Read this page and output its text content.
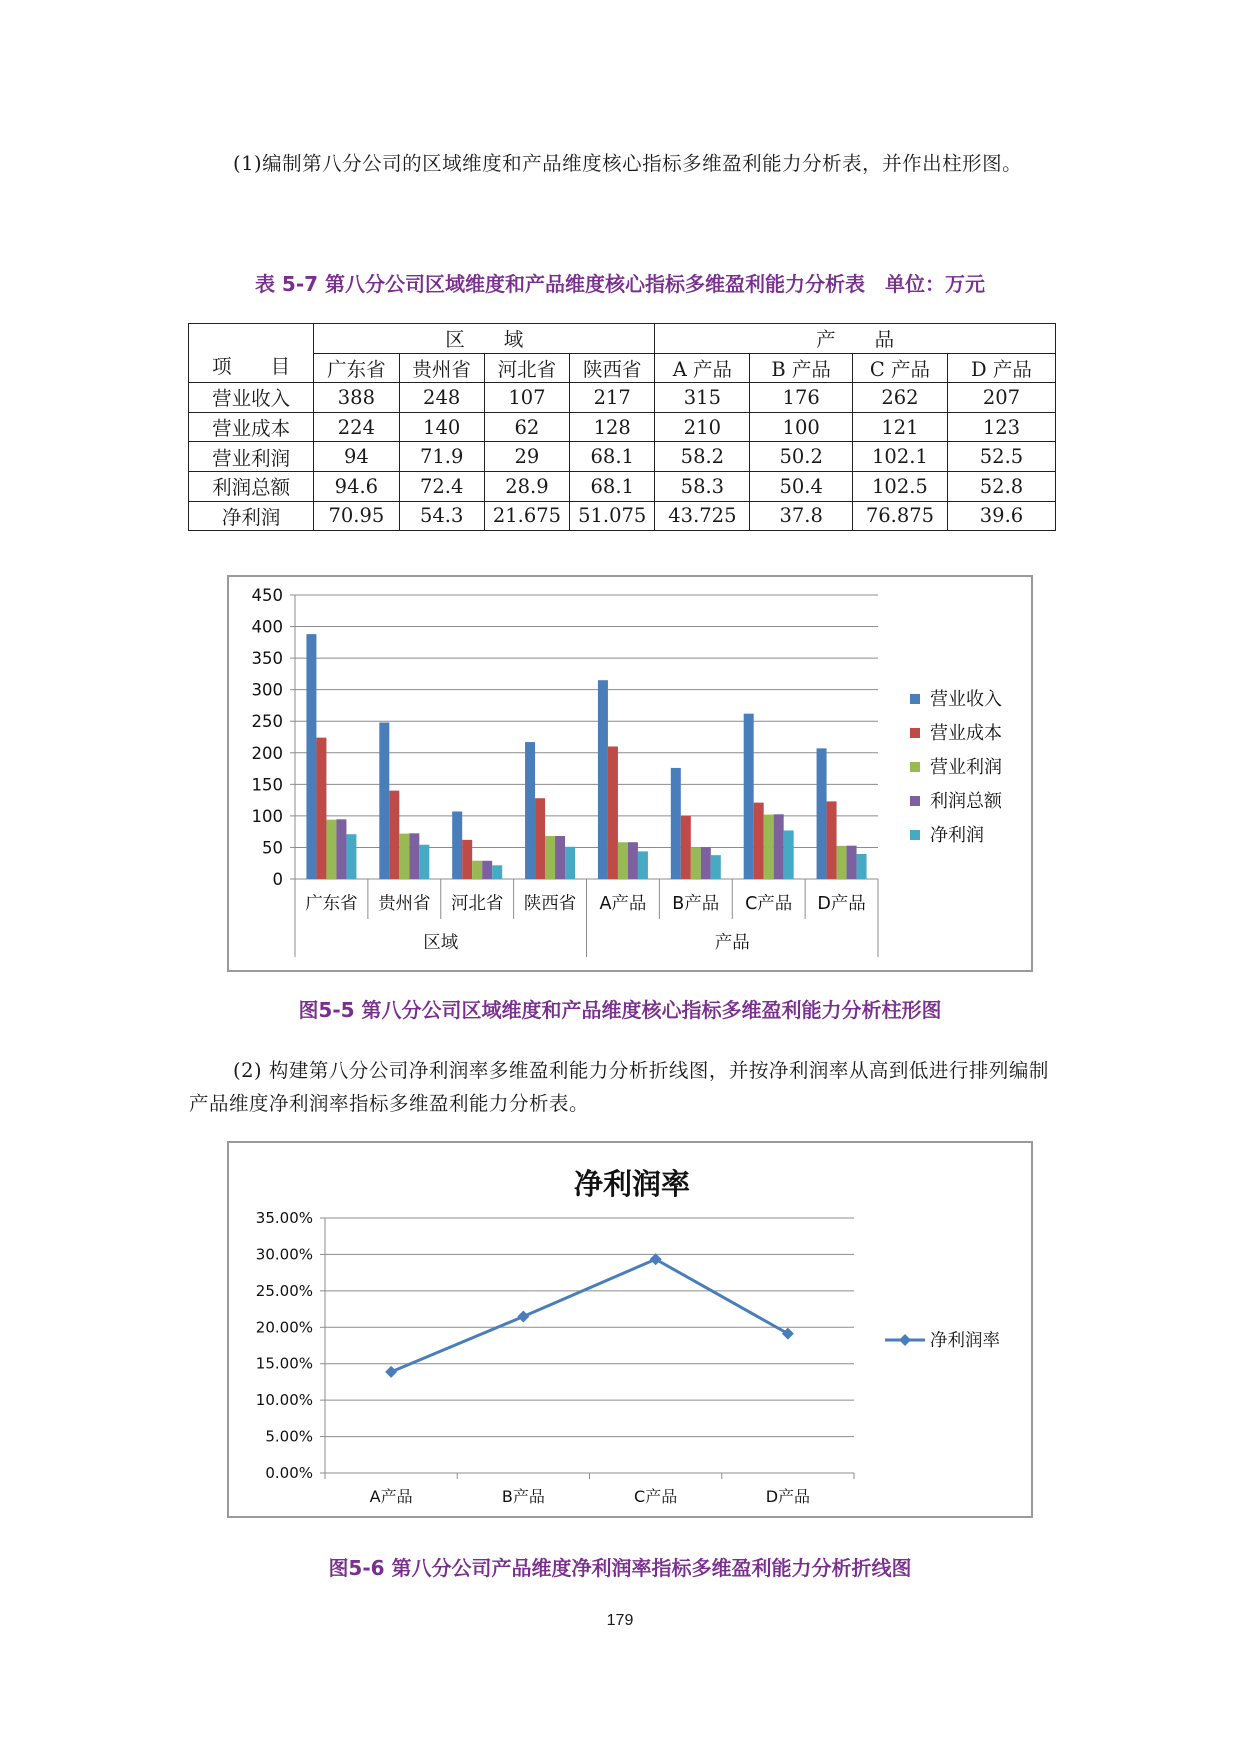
(1)编制第八分公司的区域维度和产品维度核心指标多维盈利能力分析表，并作出柱形图。

表 5-7 第八分公司区域维度和产品维度核心指标多维盈利能力分析表　单位：万元

项　　目	区　　域				产　　品			
	广东省	贵州省	河北省	陕西省	A 产品	B 产品	C 产品	D 产品
营业收入	388	248	107	217	315	176	262	207
营业成本	224	140	62	128	210	100	121	123
营业利润	94	71.9	29	68.1	58.2	50.2	102.1	52.5
利润总额	94.6	72.4	28.9	68.1	58.3	50.4	102.5	52.8
净利润	70.95	54.3	21.675	51.075	43.725	37.8	76.875	39.6
0
50
100
150
200
250
300
350
400
450
广东省 贵州省 河北省 陕西省 A产品 B产品 C产品 D产品
区域	产品
营业收入
营业成本
营业利润
利润总额
净利润

图5-5 第八分公司区域维度和产品维度核心指标多维盈利能力分析柱形图

(2) 构建第八分公司净利润率多维盈利能力分析折线图，并按净利润率从高到低进行排列编制产品维度净利润率指标多维盈利能力分析表。

净利润率
0.00%
5.00%
10.00%
15.00%
20.00%
25.00%
30.00%
35.00%
A产品	B产品	C产品	D产品
净利润率

图5-6 第八分公司产品维度净利润率指标多维盈利能力分析折线图

179
